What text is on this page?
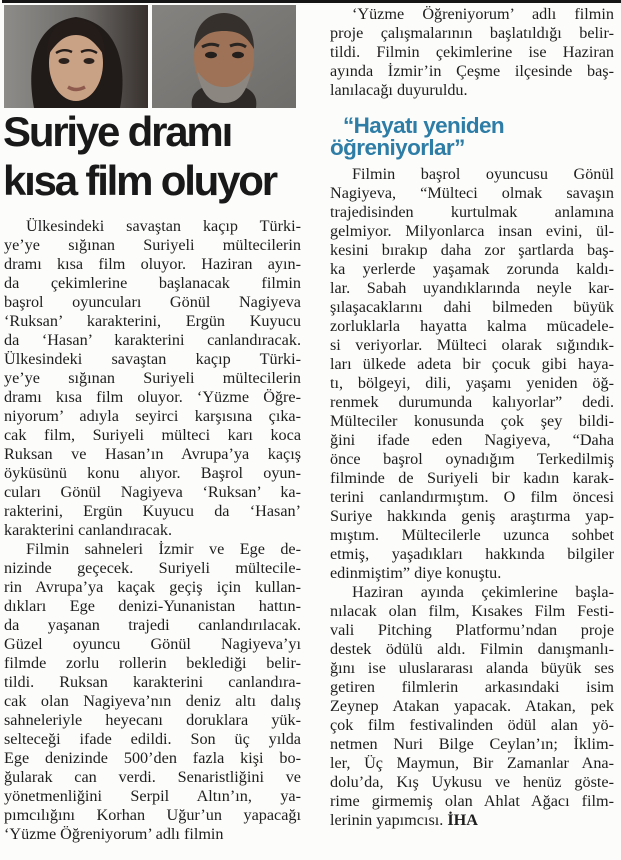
Suriye dramı
kısa film oluyor
Ülkesindeki savaştan kaçıp Türki-
ye’ye sığınan Suriyeli mültecilerin
dramı kısa film oluyor. Haziran ayın-
da çekimlerine başlanacak filmin
başrol oyuncuları Gönül Nagiyeva
‘Ruksan’ karakterini, Ergün Kuyucu
da ‘Hasan’ karakterini canlandıracak.
Ülkesindeki savaştan kaçıp Türki-
ye’ye sığınan Suriyeli mültecilerin
dramı kısa film oluyor. ‘Yüzme Öğre-
niyorum’ adıyla seyirci karşısına çıka-
cak film, Suriyeli mülteci karı koca
Ruksan ve Hasan’ın Avrupa’ya kaçış
öyküsünü konu alıyor. Başrol oyun-
cuları Gönül Nagiyeva ‘Ruksan’ ka-
rakterini, Ergün Kuyucu da ‘Hasan’
karakterini canlandıracak.
Filmin sahneleri İzmir ve Ege de-
nizinde geçecek. Suriyeli mültecile-
rin Avrupa’ya kaçak geçiş için kullan-
dıkları Ege denizi-Yunanistan hattın-
da yaşanan trajedi canlandırılacak.
Güzel oyuncu Gönül Nagiyeva’yı
filmde zorlu rollerin beklediği belir-
tildi. Ruksan karakterini canlandıra-
cak olan Nagiyeva’nın deniz altı dalış
sahneleriyle heyecanı doruklara yük-
selteceği ifade edildi. Son üç yılda
Ege denizinde 500’den fazla kişi bo-
ğularak can verdi. Senaristliğini ve
yönetmenliğini Serpil Altın’ın, ya-
pımcılığını Korhan Uğur’un yapacağı
‘Yüzme Öğreniyorum’ adlı filmin
‘Yüzme Öğreniyorum’ adlı filmin
proje çalışmalarının başlatıldığı belir-
tildi. Filmin çekimlerine ise Haziran
ayında İzmir’in Çeşme ilçesinde baş-
lanılacağı duyuruldu.
“Hayatı yeniden
öğreniyorlar”
Filmin başrol oyuncusu Gönül
Nagiyeva, “Mülteci olmak savaşın
trajedisinden kurtulmak anlamına
gelmiyor. Milyonlarca insan evini, ül-
kesini bırakıp daha zor şartlarda baş-
ka yerlerde yaşamak zorunda kaldı-
lar. Sabah uyandıklarında neyle kar-
şılaşacaklarını dahi bilmeden büyük
zorluklarla hayatta kalma mücadele-
si veriyorlar. Mülteci olarak sığındık-
ları ülkede adeta bir çocuk gibi haya-
tı, bölgeyi, dili, yaşamı yeniden öğ-
renmek durumunda kalıyorlar” dedi.
Mülteciler konusunda çok şey bildi-
ğini ifade eden Nagiyeva, “Daha
önce başrol oynadığım Terkedilmiş
filminde de Suriyeli bir kadın karak-
terini canlandırmıştım. O film öncesi
Suriye hakkında geniş araştırma yap-
mıştım. Mültecilerle uzunca sohbet
etmiş, yaşadıkları hakkında bilgiler
edinmiştim” diye konuştu.
Haziran ayında çekimlerine başla-
nılacak olan film, Kısakes Film Festi-
vali Pitching Platformu’ndan proje
destek ödülü aldı. Filmin danışmanlı-
ğını ise uluslararası alanda büyük ses
getiren filmlerin arkasındaki isim
Zeynep Atakan yapacak. Atakan, pek
çok film festivalinden ödül alan yö-
netmen Nuri Bilge Ceylan’ın; İklim-
ler, Üç Maymun, Bir Zamanlar Ana-
dolu’da, Kış Uykusu ve henüz göste-
rime girmemiş olan Ahlat Ağacı film-
lerinin yapımcısı. İHA
